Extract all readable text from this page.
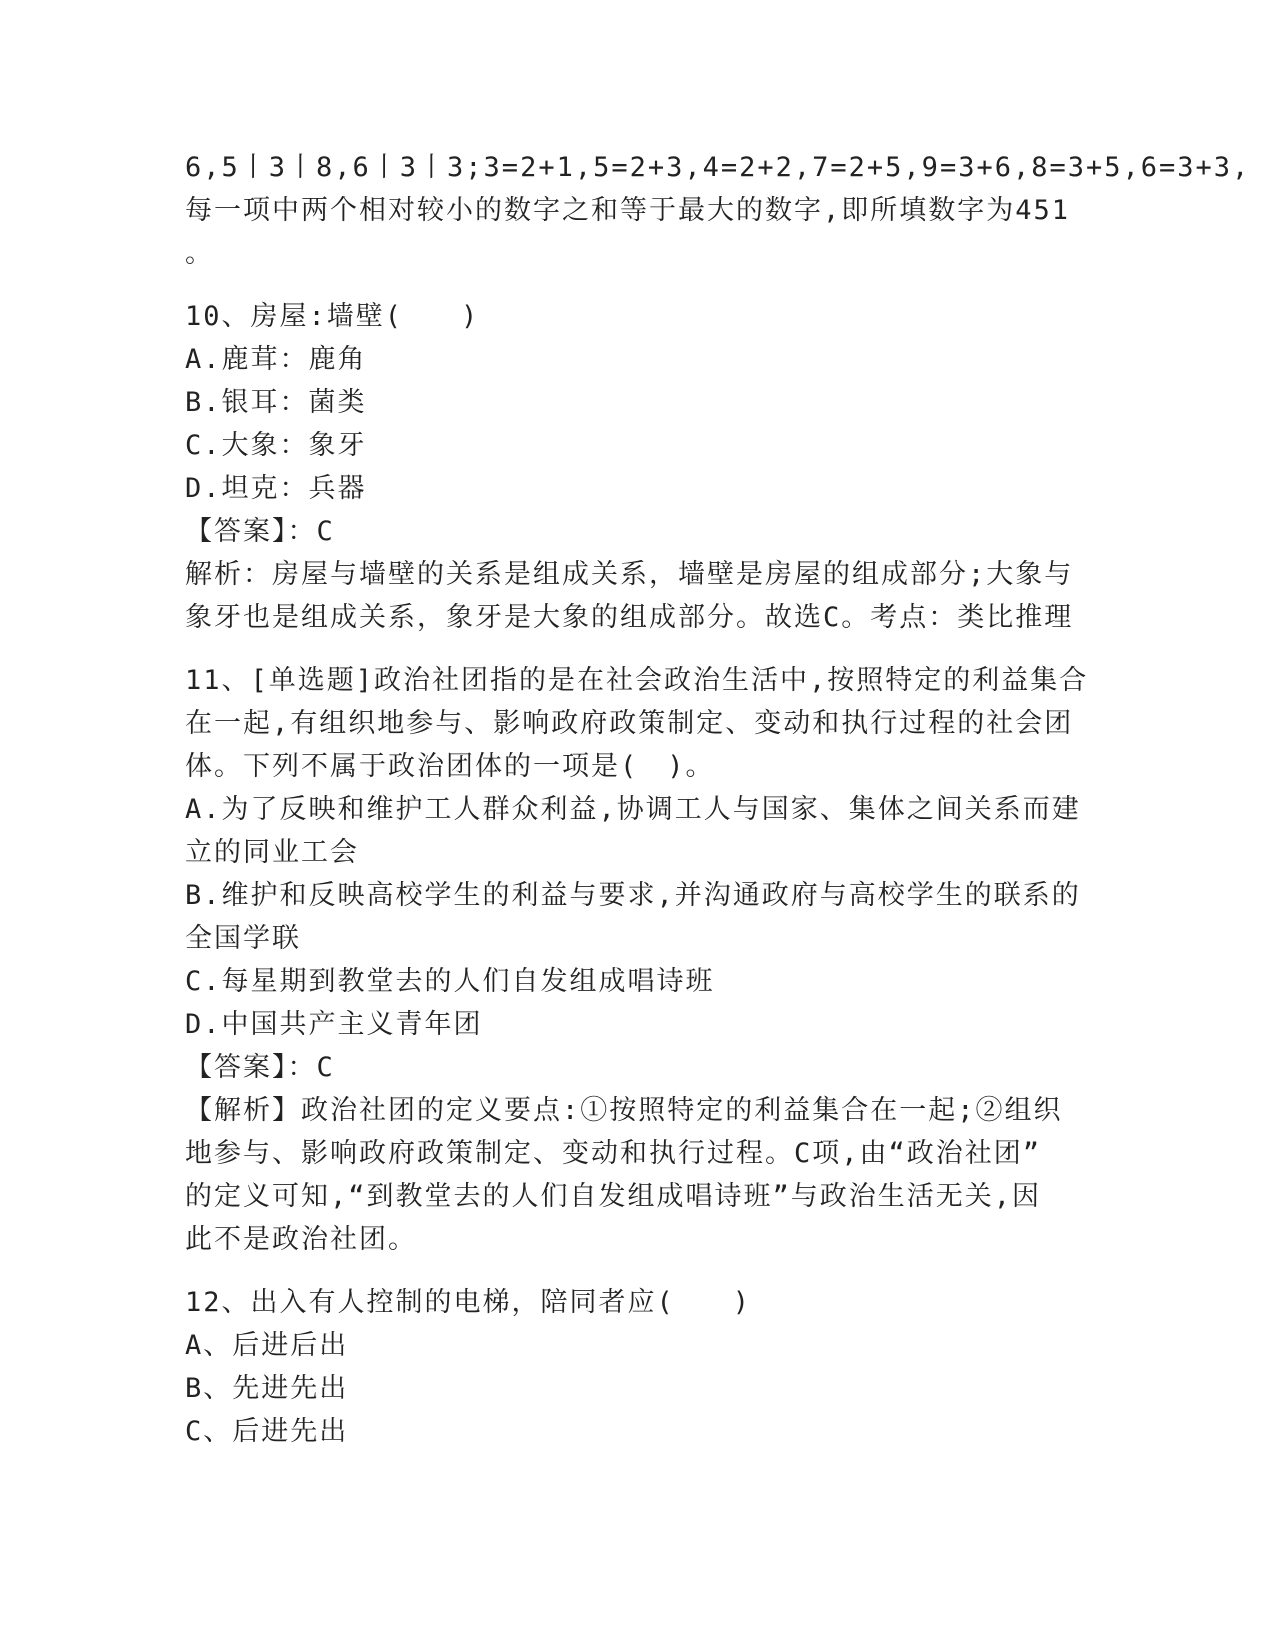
6,5丨3丨8,6丨3丨3;3=2+1,5=2+3,4=2+2,7=2+5,9=3+6,8=3+5,6=3+3,
每一项中两个相对较小的数字之和等于最大的数字,即所填数字为451
。
10、房屋:墙壁(　　)
A.鹿茸：鹿角
B.银耳：菌类
C.大象：象牙
D.坦克：兵器
【答案】：C
解析：房屋与墙壁的关系是组成关系，墙壁是房屋的组成部分;大象与
象牙也是组成关系，象牙是大象的组成部分。故选C。考点：类比推理
11、[单选题]政治社团指的是在社会政治生活中,按照特定的利益集合
在一起,有组织地参与、影响政府政策制定、变动和执行过程的社会团
体。下列不属于政治团体的一项是(　)。
A.为了反映和维护工人群众利益,协调工人与国家、集体之间关系而建
立的同业工会
B.维护和反映高校学生的利益与要求,并沟通政府与高校学生的联系的
全国学联
C.每星期到教堂去的人们自发组成唱诗班
D.中国共产主义青年团
【答案】：C
【解析】政治社团的定义要点:①按照特定的利益集合在一起;②组织
地参与、影响政府政策制定、变动和执行过程。C项,由“政治社团”
的定义可知,“到教堂去的人们自发组成唱诗班”与政治生活无关,因
此不是政治社团。
12、出入有人控制的电梯，陪同者应(　　)
A、后进后出
B、先进先出
C、后进先出
